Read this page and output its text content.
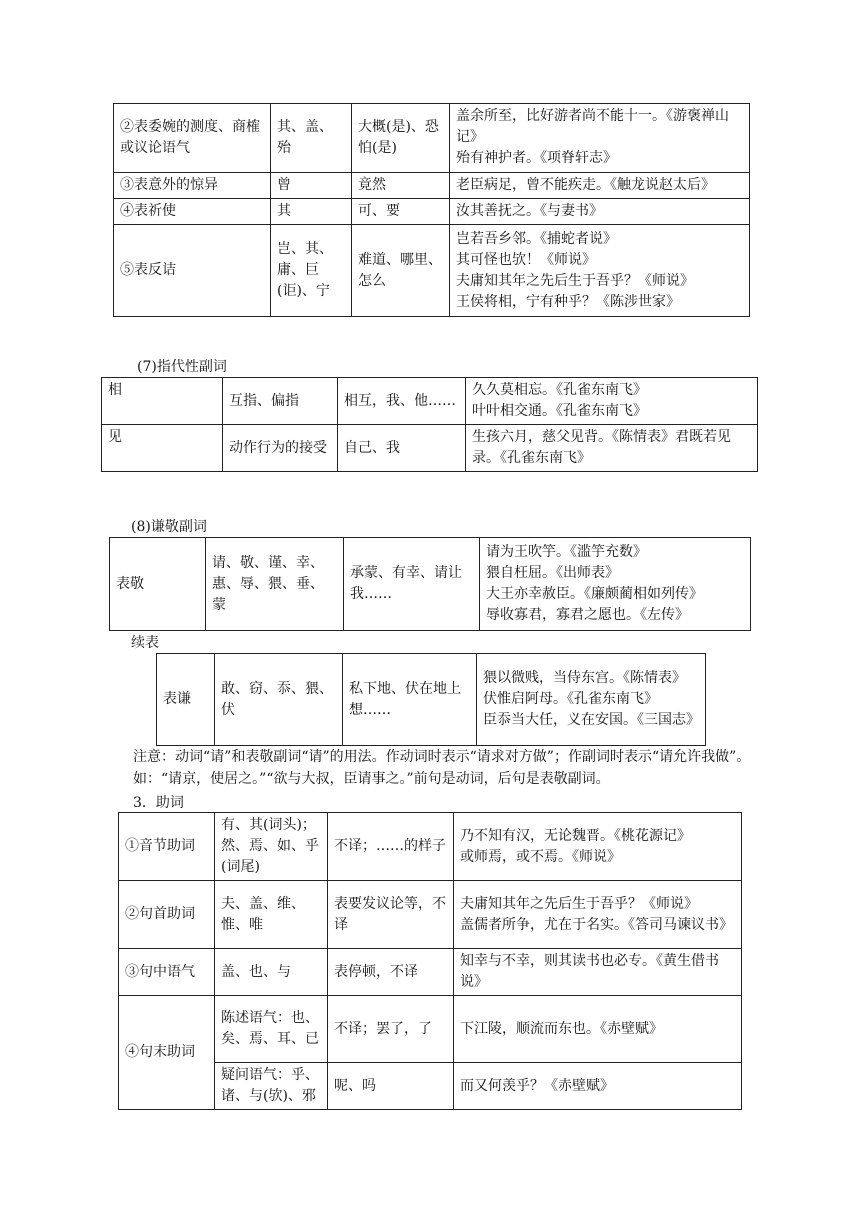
②表委婉的测度、商榷或议论语气	其、盖、殆	大概(是)、恐怕(是)	盖余所至，比好游者尚不能十一。《游褒禅山记》
殆有神护者。《项脊轩志》

③表意外的惊异	曾	竟然	老臣病足，曾不能疾走。《触龙说赵太后》
④表祈使	其	可、要	汝其善抚之。《与妻书》
⑤表反诘	岂、其、庸、巨(讵)、宁	难道、哪里、怎么	岂若吾乡邻。《捕蛇者说》
其可怪也欤！《师说》
夫庸知其年之先后生于吾乎？《师说》
王侯将相，宁有种乎？《陈涉世家》
(7)指代性副词
相	互指、偏指	相互，我、他……	久久莫相忘。《孔雀东南飞》
叶叶相交通。《孔雀东南飞》

见	动作行为的接受	自己、我	生孩六月，慈父见背。《陈情表》君既若见录。《孔雀东南飞》
(8)谦敬副词
表敬	请、敬、谨、幸、惠、辱、猥、垂、蒙	承蒙、有幸、请让我……	
请为王吹竽。《滥竽充数》
猥自枉屈。《出师表》
大王亦幸赦臣。《廉颇蔺相如列传》
辱收寡君，寡君之愿也。《左传》
续表
表谦	敢、窃、忝、猥、伏	私下地、伏在地上想……	
猥以微贱，当侍东宫。《陈情表》
伏惟启阿母。《孔雀东南飞》
臣忝当大任，义在安国。《三国志》
注意：动词“请”和表敬副词“请”的用法。作动词时表示“请求对方做”；作副词时表示“请允许我做”。如：“请京，使居之。”“欲与大叔，臣请事之。”前句是动词，后句是表敬副词。
3．助词
①音节助词	有、其(词头)；然、焉、如、乎(词尾)	不译；……的样子	乃不知有汉，无论魏晋。《桃花源记》
或师焉，或不焉。《师说》

②句首助词	夫、盖、维、惟、唯	表要发议论等，不译	夫庸知其年之先后生于吾乎？《师说》
盖儒者所争，尤在于名实。《答司马谏议书》

③句中语气	盖、也、与	表停顿，不译	知幸与不幸，则其读书也必专。《黄生借书说》
④句末助词	陈述语气：也、矣、焉、耳、已	不译；罢了，了	下江陵，顺流而东也。《赤壁赋》
	疑问语气：乎、诸、与(欤)、邪	呢、吗	而又何羡乎？《赤壁赋》
